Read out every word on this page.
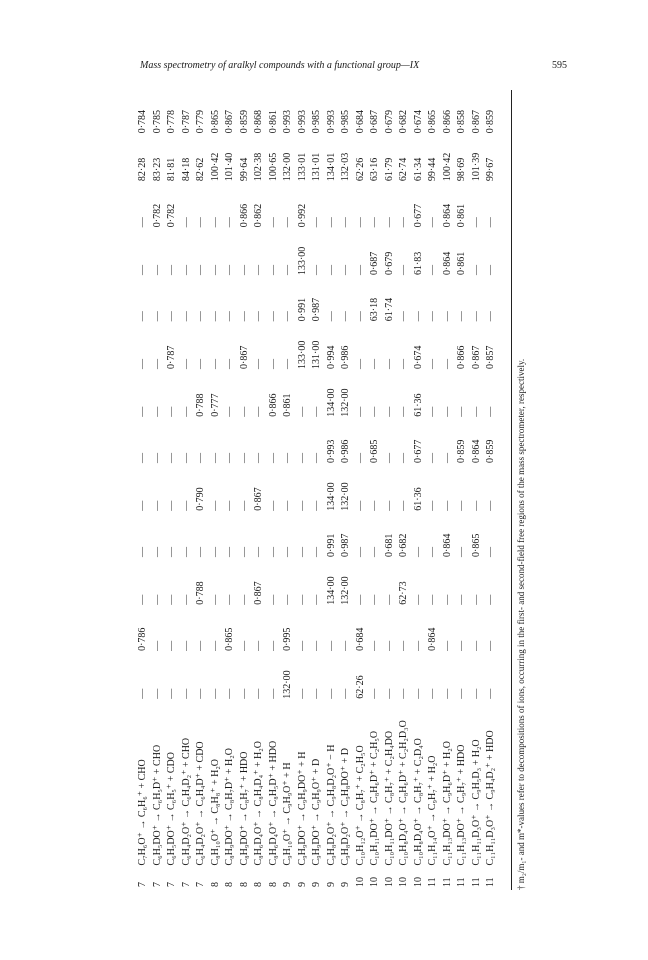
Mass spectrometry of aralkyl compounds with a functional group—IX	595
7	C₇H₆O⁺ → C₆H₆⁺ + CHO	—	0·786	—	—	—	—	—	—	—	—	—	82·28	0·784
7	C₆H₅DO⁺ → C₆H₅D⁺ + CHO	—	—	—	—	—	—	—	—	—	—	0·782	83·23	0·785
7	C₆H₅DO⁺ → C₆H₅⁺ + CDO	—	—	—	—	—	—	—	0·787	—	—	0·782	81·81	0·778
7	C₆H₄D₂O⁺ → C₆H₄D₂⁺ + CHO	—	—	—	—	—	—	—	—	—	—	—	84·18	0·787
7	C₆H₄D₂O⁺ → C₆H₄D⁺ + CDO	—	—	0·788	—	0·790	—	0·788	—	—	—	—	82·62	0·779
8	C₈H₁₀O⁺ → C₈H₈⁺ + H₂O	—	—	—	—	—	—	0·777	—	—	—	—	100·42	0·865
8	C₈H₉DO⁺ → C₈H₇D⁺ + H₂O	—	0·865	—	—	—	—	—	—	—	—	—	101·40	0·867
8	C₈H₉DO⁺ → C₈H₇⁺ + HDO	—	—	—	—	—	—	—	0·867	—	—	0·866	99·64	0·859
8	C₈H₆D₄O⁺ → C₈H₄D₄⁺ + H₂O	—	—	0·867	—	0·867	—	—	—	—	—	0·862	102·38	0·868
8	C₈H₆D₄O⁺ → C₈H₅D⁺ + HDO	—	—	—	—	—	—	0·866	—	—	—	—	100·65	0·861
9	C₉H₁₀O⁺ → C₉H₉O⁺ + H	132·00	0·995	—	—	—	—	0·861	—	—	—	—	132·00	0·993
9	C₉H₉DO⁺ → C₉H₉DO⁺ + H	—	—	—	—	—	—	—	133·00	0·991	133·00	0·992	133·01	0·993
9	C₉H₉DO⁺ → C₉H₉O⁺ + D	—	—	—	—	—	—	—	131·00	0·987	—	—	131·01	0·985
9	C₉H₈D₂O⁺ → C₉H₈D₂O⁺ − H	—	—	134·00	0·991	134·00	0·993	134·00	0·994	—	—	—	134·01	0·993
9	C₉H₈D₂O⁺ → C₉H₈DO⁺ + D	—	—	132·00	0·987	132·00	0·986	132·00	0·986	—	—	—	132·03	0·985
10	C₁₀H₁₂O⁺ → C₈H₇⁺ + C₂H₅O	62·26	0·684	—	—	—	—	—	—	—	—	—	62·26	0·684
10	C₁₀H₁₁DO⁺ → C₈H₆D⁺ + C₂H₅O	—	—	—	—	—	0·685	—	—	63·18	0·687	—	63·16	0·687
10	C₁₀H₁₁DO⁺ → C₈H₇⁺ + C₂H₄DO	—	—	—	0·681	—	—	—	—	61·74	0·679	—	61·79	0·679
10	C₁₀H₈D₄O⁺ → C₈H₆D⁺ + C₂H₂D₃O	—	—	62·73	0·682	—	—	—	—	—	—	—	62·74	0·682
10	C₁₀H₈D₄O⁺ → C₈H₇⁺ + C₂D₄O	—	—	—	—	61·36	0·677	61·36	0·674	—	61·83	0·677	61·34	0·674
11	C₁₁H₁₄O⁺ → C₉H₇⁺ + H₂O	—	0·864	—	—	—	—	—	—	—	—	—	99·44	0·865
11	C₁₁H₁₃DO⁺ → C₉H₆D⁺ + H₂O	—	—	—	0·864	—	—	—	—	—	0·864	0·864	100·42	0·866
11	C₁₁H₁₃DO⁺ → C₉H₇⁺ + HDO	—	—	—	—	—	0·859	—	0·866	—	0·861	0·861	98·69	0·858
11	C₁₁H₁₁D₃O⁺ → C₉H₅D₃ + H₂O	—	—	—	0·865	—	0·864	—	0·867	—	—	—	101·39	0·867
11	C₁₁H₁₁D₃O⁺ → C₉H₄D₂⁺ + HDO	—	—	—	—	—	0·859	—	0·857	—	—	—	99·67	0·859
† m₂/m₁- and m*-values refer to decompositions of ions, occurring in the first- and second-field free regions of the mass spectrometer, respectively.
